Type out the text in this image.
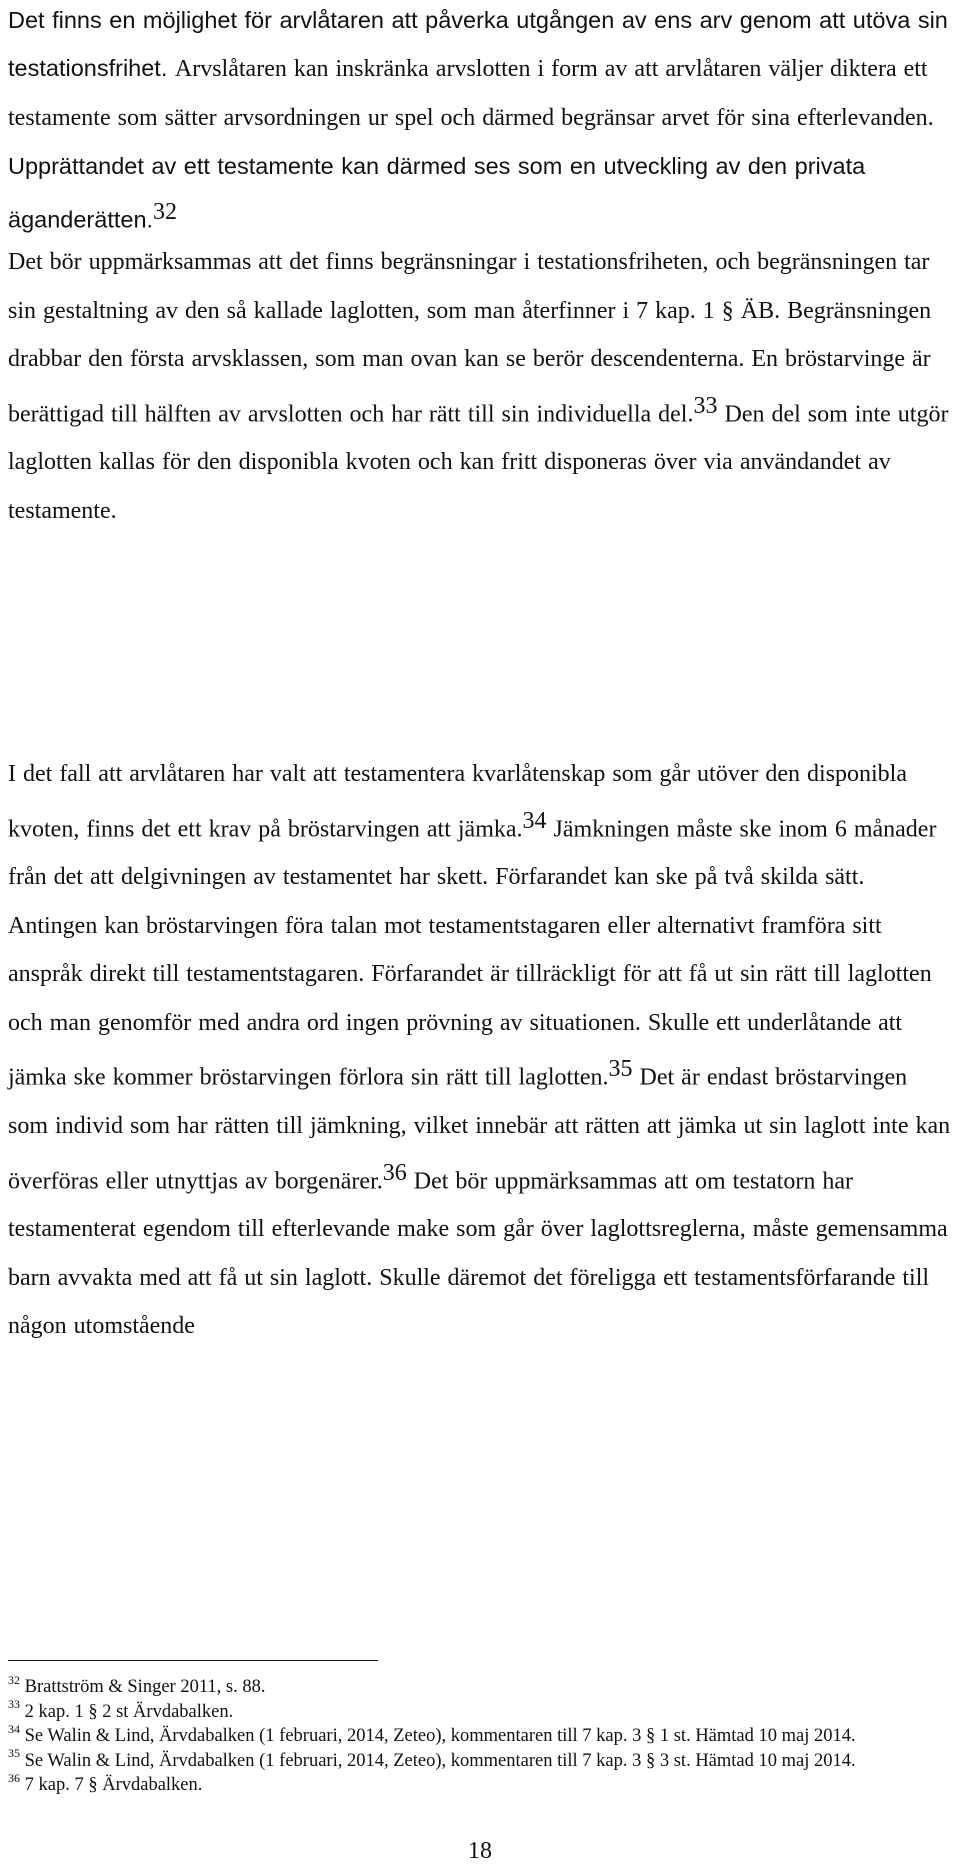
Det finns en möjlighet för arvlåtaren att påverka utgången av ens arv genom att utöva sin testationsfrihet. Arvslåtaren kan inskränka arvslotten i form av att arvlåtaren väljer diktera ett testamente som sätter arvsordningen ur spel och därmed begränsar arvet för sina efterlevanden. Upprättandet av ett testamente kan därmed ses som en utveckling av den privata äganderätten.$^{32}$

Det bör uppmärksammas att det finns begränsningar i testationsfriheten, och begränsningen tar sin gestaltning av den så kallade laglotten, som man återfinner i 7 kap. 1 § ÄB. Begränsningen drabbar den första arvsklassen, som man ovan kan se berör descendenterna. En bröstarvinge är berättigad till hälften av arvslotten och har rätt till sin individuella del.$^{33}$ Den del som inte utgör laglotten kallas för den disponibla kvoten och kan fritt disponeras över via användandet av testamente.

I det fall att arvlåtaren har valt att testamentera kvarlåtenskap som går utöver den disponibla kvoten, finns det ett krav på bröstarvingen att jämka.$^{34}$ Jämkningen måste ske inom 6 månader från det att delgivningen av testamentet har skett. Förfarandet kan ske på två skilda sätt. Antingen kan bröstarvingen föra talan mot testamentstagaren eller alternativt framföra sitt anspråk direkt till testamentstagaren. Förfarandet är tillräckligt för att få ut sin rätt till laglotten och man genomför med andra ord ingen prövning av situationen. Skulle ett underlåtande att jämka ske kommer bröstarvingen förlora sin rätt till laglotten.$^{35}$ Det är endast bröstarvingen som individ som har rätten till jämkning, vilket innebär att rätten att jämka ut sin laglott inte kan överföras eller utnyttjas av borgenärer.$^{36}$ Det bör uppmärksammas att om testatorn har testamenterat egendom till efterlevande make som går över laglottsreglerna, måste gemensamma barn avvakta med att få ut sin laglott. Skulle däremot det föreligga ett testamentsförfarande till någon utomstående

$^{32}$ Brattström & Singer 2011, s. 88.

$^{33}$ 2 kap. 1 § 2 st Ärvdabalken.

$^{34}$ Se Walin & Lind, Ärvdabalken (1 februari, 2014, Zeteo), kommentaren till 7 kap. 3 § 1 st. Hämtad 10 maj 2014.

$^{35}$ Se Walin & Lind, Ärvdabalken (1 februari, 2014, Zeteo), kommentaren till 7 kap. 3 § 3 st. Hämtad 10 maj 2014.

$^{36}$ 7 kap. 7 § Ärvdabalken.

18
